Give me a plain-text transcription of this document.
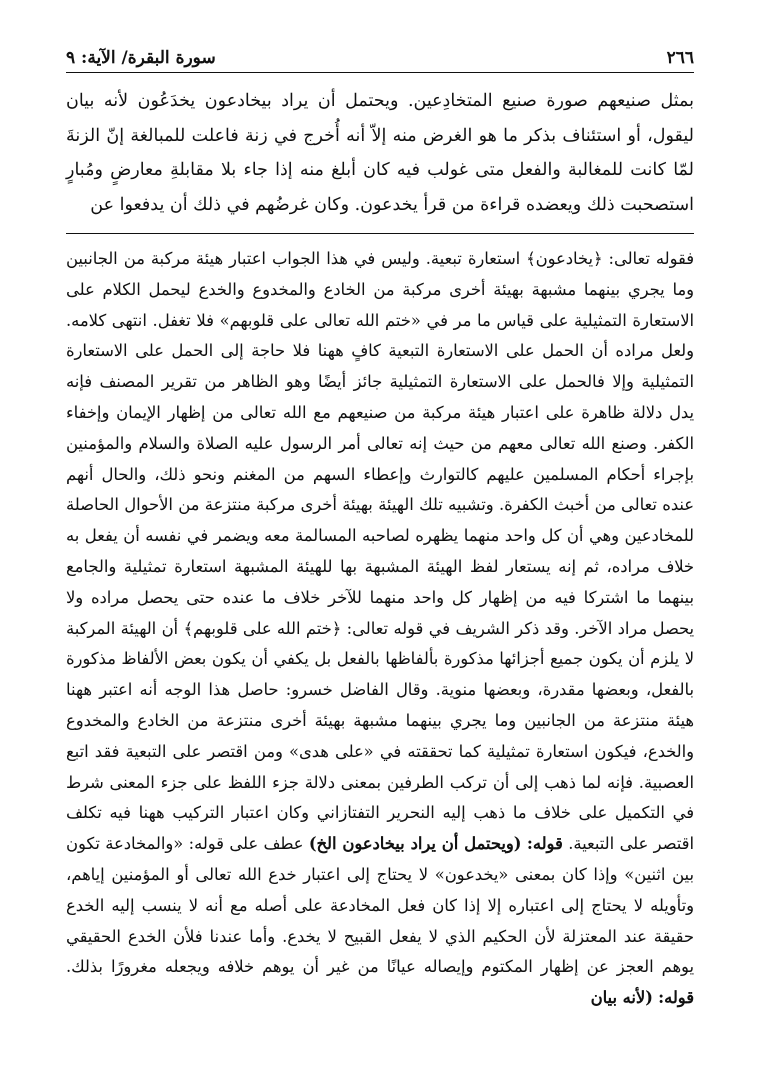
٢٦٦
سورة البقرة/ الآية: ٩

بمثل صنيعهم صورة صنيع المتخادِعين. ويحتمل أن يراد بيخادعون يخدَعُون لأنه بيان ليقول، أو استئناف بذكر ما هو الغرض منه إلاّ أنه أُخرج في زنة فاعلت للمبالغة إنّ الزنةَ لمّا كانت للمغالبة والفعل متى غولب فيه كان أبلغ منه إذا جاء بلا مقابلةِ معارضٍ ومُبارٍ استصحبت ذلك ويعضده قراءة من قرأ يخدعون. وكان غرضُهم في ذلك أن يدفعوا عن

فقوله تعالى: ﴿يخادعون﴾ استعارة تبعية. وليس في هذا الجواب اعتبار هيئة مركبة من الجانبين وما يجري بينهما مشبهة بهيئة أخرى مركبة من الخادع والمخدوع والخدع ليحمل الكلام على الاستعارة التمثيلية على قياس ما مر في «ختم الله تعالى على قلوبهم» فلا تغفل. انتهى كلامه. ولعل مراده أن الحمل على الاستعارة التبعية كافٍ ههنا فلا حاجة إلى الحمل على الاستعارة التمثيلية وإلا فالحمل على الاستعارة التمثيلية جائز أيضًا وهو الظاهر من تقرير المصنف فإنه يدل دلالة ظاهرة على اعتبار هيئة مركبة من صنيعهم مع الله تعالى من إظهار الإيمان وإخفاء الكفر. وصنع الله تعالى معهم من حيث إنه تعالى أمر الرسول عليه الصلاة والسلام والمؤمنين بإجراء أحكام المسلمين عليهم كالتوارث وإعطاء السهم من المغنم ونحو ذلك، والحال أنهم عنده تعالى من أخبث الكفرة. وتشبيه تلك الهيئة بهيئة أخرى مركبة منتزعة من الأحوال الحاصلة للمخادعين وهي أن كل واحد منهما يظهره لصاحبه المسالمة معه ويضمر في نفسه أن يفعل به خلاف مراده، ثم إنه يستعار لفظ الهيئة المشبهة بها للهيئة المشبهة استعارة تمثيلية والجامع بينهما ما اشتركا فيه من إظهار كل واحد منهما للآخر خلاف ما عنده حتى يحصل مراده ولا يحصل مراد الآخر. وقد ذكر الشريف في قوله تعالى: ﴿ختم الله على قلوبهم﴾ أن الهيئة المركبة لا يلزم أن يكون جميع أجزائها مذكورة بألفاظها بالفعل بل يكفي أن يكون بعض الألفاظ مذكورة بالفعل، وبعضها مقدرة، وبعضها منوية. وقال الفاضل خسرو: حاصل هذا الوجه أنه اعتبر ههنا هيئة منتزعة من الجانبين وما يجري بينهما مشبهة بهيئة أخرى منتزعة من الخادع والمخدوع والخدع، فيكون استعارة تمثيلية كما تحققته في «على هدى» ومن اقتصر على التبعية فقد اتبع العصبية. فإنه لما ذهب إلى أن تركب الطرفين بمعنى دلالة جزء اللفظ على جزء المعنى شرط في التكميل على خلاف ما ذهب إليه النحرير التفتازاني وكان اعتبار التركيب ههنا فيه تكلف اقتصر على التبعية. قوله: (ويحتمل أن يراد بيخادعون الخ) عطف على قوله: «والمخادعة تكون بين اثنين» وإذا كان بمعنى «يخدعون» لا يحتاج إلى اعتبار خدع الله تعالى أو المؤمنين إياهم، وتأويله لا يحتاج إلى اعتباره إلا إذا كان فعل المخادعة على أصله مع أنه لا ينسب إليه الخدع حقيقة عند المعتزلة لأن الحكيم الذي لا يفعل القبيح لا يخدع. وأما عندنا فلأن الخدع الحقيقي يوهم العجز عن إظهار المكتوم وإيصاله عيانًا من غير أن يوهم خلافه ويجعله مغرورًا بذلك. قوله: (لأنه بيان
